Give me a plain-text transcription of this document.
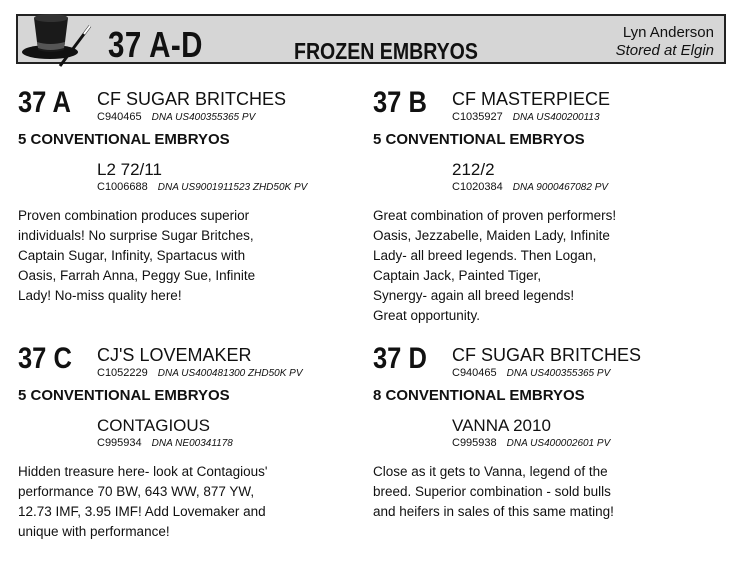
37 A-D	FROZEN EMBRYOS
Lyn Anderson
Stored at Elgin
37 A CF SUGAR BRITCHES
C940465 DNA US400355365 PV
5 CONVENTIONAL EMBRYOS
L2 72/11
C1006688 DNA US9001911523 ZHD50K PV
Proven combination produces superior
individuals! No surprise Sugar Britches,
Captain Sugar, Infinity, Spartacus with
Oasis, Farrah Anna, Peggy Sue, Infinite
Lady! No-miss quality here!
37 B CF MASTERPIECE
C1035927 DNA US400200113
5 CONVENTIONAL EMBRYOS
212/2
C1020384 DNA 9000467082 PV
Great combination of proven performers!
Oasis, Jezzabelle, Maiden Lady, Infinite
Lady- all breed legends. Then Logan,
Captain Jack, Painted Tiger,
Synergy- again all breed legends!
Great opportunity.
37 C CJ'S LOVEMAKER
C1052229 DNA US400481300 ZHD50K PV
5 CONVENTIONAL EMBRYOS
CONTAGIOUS
C995934 DNA NE00341178
Hidden treasure here- look at Contagious'
performance 70 BW, 643 WW, 877 YW,
12.73 IMF, 3.95 IMF! Add Lovemaker and
unique with performance!
37 D CF SUGAR BRITCHES
C940465 DNA US400355365 PV
8 CONVENTIONAL EMBRYOS
VANNA 2010
C995938 DNA US400002601 PV
Close as it gets to Vanna, legend of the
breed. Superior combination - sold bulls
and heifers in sales of this same mating!
